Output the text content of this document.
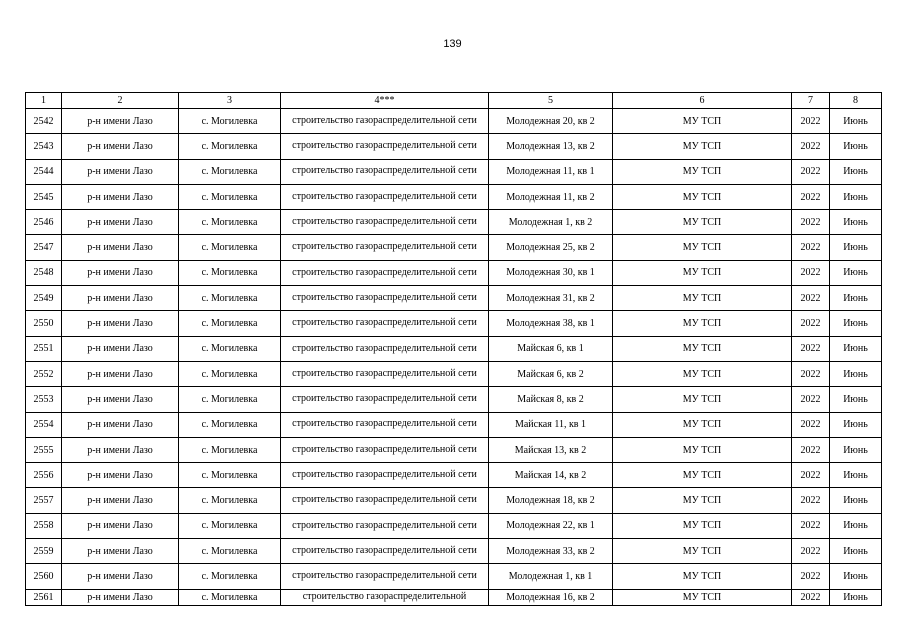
139
1	2	3	4***	5	6	7	8
2542	р-н имени Лазо	с. Могилевка	строительство газораспределительной сети	Молодежная 20, кв 2	МУ ТСП	2022	Июнь
2543	р-н имени Лазо	с. Могилевка	строительство газораспределительной сети	Молодежная 13, кв 2	МУ ТСП	2022	Июнь
2544	р-н имени Лазо	с. Могилевка	строительство газораспределительной сети	Молодежная 11, кв 1	МУ ТСП	2022	Июнь
2545	р-н имени Лазо	с. Могилевка	строительство газораспределительной сети	Молодежная 11, кв 2	МУ ТСП	2022	Июнь
2546	р-н имени Лазо	с. Могилевка	строительство газораспределительной сети	Молодежная 1, кв 2	МУ ТСП	2022	Июнь
2547	р-н имени Лазо	с. Могилевка	строительство газораспределительной сети	Молодежная 25, кв 2	МУ ТСП	2022	Июнь
2548	р-н имени Лазо	с. Могилевка	строительство газораспределительной сети	Молодежная 30, кв 1	МУ ТСП	2022	Июнь
2549	р-н имени Лазо	с. Могилевка	строительство газораспределительной сети	Молодежная 31, кв 2	МУ ТСП	2022	Июнь
2550	р-н имени Лазо	с. Могилевка	строительство газораспределительной сети	Молодежная 38, кв 1	МУ ТСП	2022	Июнь
2551	р-н имени Лазо	с. Могилевка	строительство газораспределительной сети	Майская 6, кв 1	МУ ТСП	2022	Июнь
2552	р-н имени Лазо	с. Могилевка	строительство газораспределительной сети	Майская 6, кв 2	МУ ТСП	2022	Июнь
2553	р-н имени Лазо	с. Могилевка	строительство газораспределительной сети	Майская 8, кв 2	МУ ТСП	2022	Июнь
2554	р-н имени Лазо	с. Могилевка	строительство газораспределительной сети	Майская 11, кв 1	МУ ТСП	2022	Июнь
2555	р-н имени Лазо	с. Могилевка	строительство газораспределительной сети	Майская 13, кв 2	МУ ТСП	2022	Июнь
2556	р-н имени Лазо	с. Могилевка	строительство газораспределительной сети	Майская 14, кв 2	МУ ТСП	2022	Июнь
2557	р-н имени Лазо	с. Могилевка	строительство газораспределительной сети	Молодежная 18, кв 2	МУ ТСП	2022	Июнь
2558	р-н имени Лазо	с. Могилевка	строительство газораспределительной сети	Молодежная 22, кв 1	МУ ТСП	2022	Июнь
2559	р-н имени Лазо	с. Могилевка	строительство газораспределительной сети	Молодежная 33, кв 2	МУ ТСП	2022	Июнь
2560	р-н имени Лазо	с. Могилевка	строительство газораспределительной сети	Молодежная 1, кв 1	МУ ТСП	2022	Июнь
2561	р-н имени Лазо	с. Могилевка	строительство газораспределительной	Молодежная 16, кв 2	МУ ТСП	2022	Июнь
